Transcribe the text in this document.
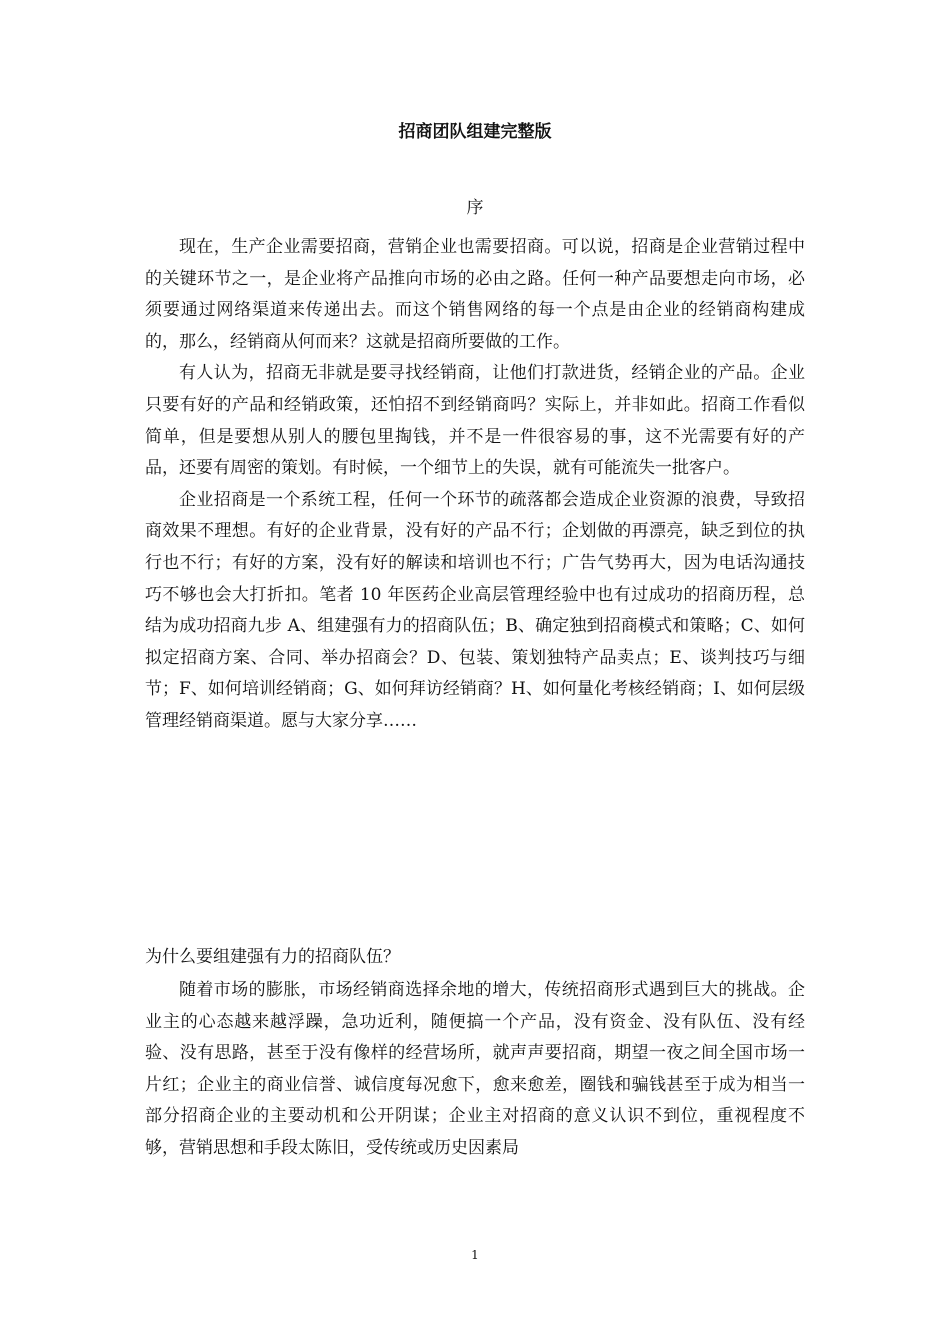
招商团队组建完整版
序

现在，生产企业需要招商，营销企业也需要招商。可以说，招商是企业营销过程中的关键环节之一，是企业将产品推向市场的必由之路。任何一种产品要想走向市场，必须要通过网络渠道来传递出去。而这个销售网络的每一个点是由企业的经销商构建成的，那么，经销商从何而来？这就是招商所要做的工作。

有人认为，招商无非就是要寻找经销商，让他们打款进货，经销企业的产品。企业只要有好的产品和经销政策，还怕招不到经销商吗？实际上，并非如此。招商工作看似简单，但是要想从别人的腰包里掏钱，并不是一件很容易的事，这不光需要有好的产品，还要有周密的策划。有时候，一个细节上的失误，就有可能流失一批客户。

企业招商是一个系统工程，任何一个环节的疏落都会造成企业资源的浪费，导致招商效果不理想。有好的企业背景，没有好的产品不行；企划做的再漂亮，缺乏到位的执行也不行；有好的方案，没有好的解读和培训也不行；广告气势再大，因为电话沟通技巧不够也会大打折扣。笔者 10 年医药企业高层管理经验中也有过成功的招商历程，总结为成功招商九步 A、组建强有力的招商队伍；B、确定独到招商模式和策略；C、如何拟定招商方案、合同、举办招商会？D、包装、策划独特产品卖点；E、谈判技巧与细节；F、如何培训经销商；G、如何拜访经销商？H、如何量化考核经销商；I、如何层级管理经销商渠道。愿与大家分享……

为什么要组建强有力的招商队伍？

随着市场的膨胀，市场经销商选择余地的增大，传统招商形式遇到巨大的挑战。企业主的心态越来越浮躁，急功近利，随便搞一个产品，没有资金、没有队伍、没有经验、没有思路，甚至于没有像样的经营场所，就声声要招商，期望一夜之间全国市场一片红；企业主的商业信誉、诚信度每况愈下，愈来愈差，圈钱和骗钱甚至于成为相当一部分招商企业的主要动机和公开阴谋；企业主对招商的意义认识不到位，重视程度不够，营销思想和手段太陈旧，受传统或历史因素局

1
